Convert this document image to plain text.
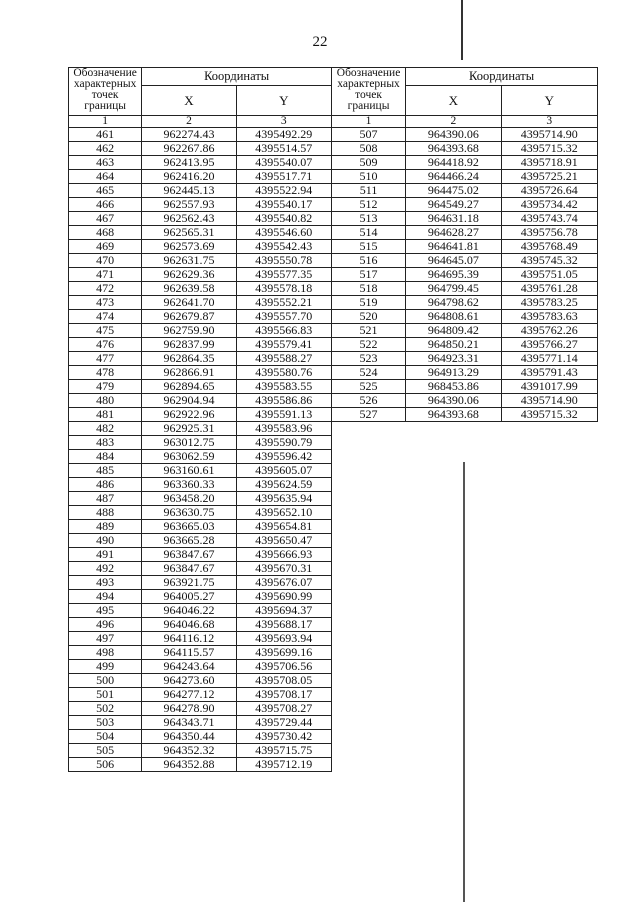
22
Обозначение
характерных
точек
границы	Координаты	
	X	Y
1	2	3
461	962274.43	4395492.29
462	962267.86	4395514.57
463	962413.95	4395540.07
464	962416.20	4395517.71
465	962445.13	4395522.94
466	962557.93	4395540.17
467	962562.43	4395540.82
468	962565.31	4395546.60
469	962573.69	4395542.43
470	962631.75	4395550.78
471	962629.36	4395577.35
472	962639.58	4395578.18
473	962641.70	4395552.21
474	962679.87	4395557.70
475	962759.90	4395566.83
476	962837.99	4395579.41
477	962864.35	4395588.27
478	962866.91	4395580.76
479	962894.65	4395583.55
480	962904.94	4395586.86
481	962922.96	4395591.13
482	962925.31	4395583.96
483	963012.75	4395590.79
484	963062.59	4395596.42
485	963160.61	4395605.07
486	963360.33	4395624.59
487	963458.20	4395635.94
488	963630.75	4395652.10
489	963665.03	4395654.81
490	963665.28	4395650.47
491	963847.67	4395666.93
492	963847.67	4395670.31
493	963921.75	4395676.07
494	964005.27	4395690.99
495	964046.22	4395694.37
496	964046.68	4395688.17
497	964116.12	4395693.94
498	964115.57	4395699.16
499	964243.64	4395706.56
500	964273.60	4395708.05
501	964277.12	4395708.17
502	964278.90	4395708.27
503	964343.71	4395729.44
504	964350.44	4395730.42
505	964352.32	4395715.75
506	964352.88	4395712.19
Обозначение
характерных
точек
границы	Координаты	
	X	Y
1	2	3
507	964390.06	4395714.90
508	964393.68	4395715.32
509	964418.92	4395718.91
510	964466.24	4395725.21
511	964475.02	4395726.64
512	964549.27	4395734.42
513	964631.18	4395743.74
514	964628.27	4395756.78
515	964641.81	4395768.49
516	964645.07	4395745.32
517	964695.39	4395751.05
518	964799.45	4395761.28
519	964798.62	4395783.25
520	964808.61	4395783.63
521	964809.42	4395762.26
522	964850.21	4395766.27
523	964923.31	4395771.14
524	964913.29	4395791.43
525	968453.86	4391017.99
526	964390.06	4395714.90
527	964393.68	4395715.32
